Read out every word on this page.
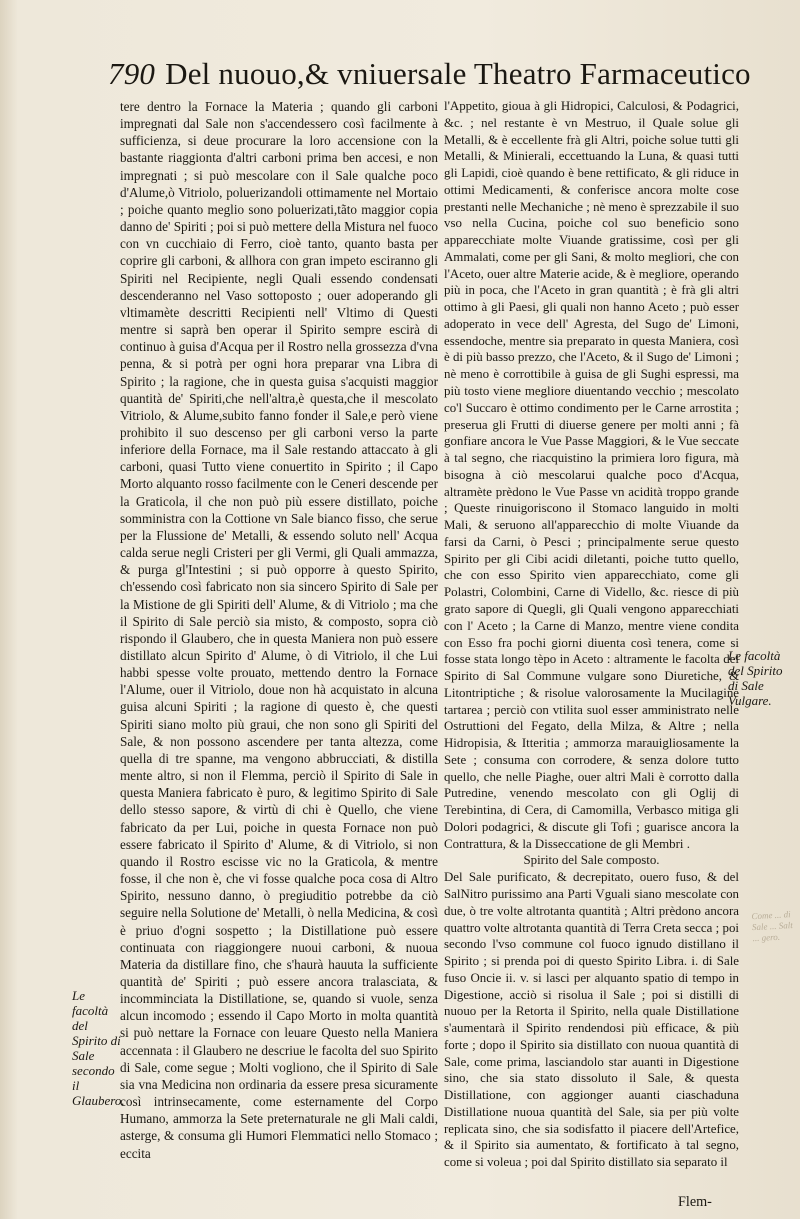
790 Del nuouo,& vniuersale Theatro Farmaceutico

tere dentro la Fornace la Materia ; quando gli carboni impregnati dal Sale non s'accendessero così facilmente à sufficienza, si deue procurare la loro accensione con la bastante riaggionta d'altri carboni prima ben accesi, e non impregnati ; si può mescolare con il Sale qualche poco d'Alume,ò Vitriolo, poluerizandoli ottimamente nel Mortaio ; poiche quanto meglio sono poluerizati,tãto maggior copia danno de' Spiriti ; poi si può mettere della Mistura nel fuoco con vn cucchiaio di Ferro, cioè tanto, quanto basta per coprire gli carboni, & allhora con gran impeto esciranno gli Spiriti nel Recipiente, negli Quali essendo condensati descenderanno nel Vaso sottoposto ; ouer adoperando gli vltimamète descritti Recipienti nell' Vltimo di Questi mentre si saprà ben operar il Spirito sempre escirà di continuo à guisa d'Acqua per il Rostro nella grossezza d'vna penna, & si potrà per ogni hora preparar vna Libra di Spirito ; la ragione, che in questa guisa s'acquisti maggior quantità de' Spiriti,che nell'altra,è questa,che il mescolato Vitriolo, & Alume,subito fanno fonder il Sale,e però viene prohibito il suo descenso per gli carboni verso la parte inferiore della Fornace, ma il Sale restando attaccato à gli carboni, quasi Tutto viene conuertito in Spirito ; il Capo Morto alquanto rosso facilmente con le Ceneri descende per la Graticola, il che non può più essere distillato, poiche somministra con la Cottione vn Sale bianco fisso, che serue per la Flussione de' Metalli, & essendo soluto nell' Acqua calda serue negli Cristeri per gli Vermi, gli Quali ammazza, & purga gl'Intestini ; si può opporre à questo Spirito, ch'essendo così fabricato non sia sincero Spirito di Sale per la Mistione de gli Spiriti dell' Alume, & di Vitriolo ; ma che il Spirito di Sale perciò sia misto, & composto, sopra ciò rispondo il Glaubero, che in questa Maniera non può essere distillato alcun Spirito d' Alume, ò di Vitriolo, il che Lui habbi spesse volte prouato, mettendo dentro la Fornace l'Alume, ouer il Vitriolo, doue non hà acquistato in alcuna guisa alcuni Spiriti ; la ragione di questo è, che questi Spiriti siano molto più graui, che non sono gli Spiriti del Sale, & non possono ascendere per tanta altezza, come quella di tre spanne, ma vengono abbrucciati, & distilla mente altro, si non il Flemma, perciò il Spirito di Sale in questa Maniera fabricato è puro, & legitimo Spirito di Sale dello stesso sapore, & virtù di chi è Quello, che viene fabricato da per Lui, poiche in questa Fornace non può essere fabricato il Spirito d' Alume, & di Vitriolo, si non quando il Rostro escisse vic no la Graticola, & mentre fosse, il che non è, che vi fosse qualche poca cosa di Altro Spirito, nessuno danno, ò pregiuditio potrebbe da ciò seguire nella Solutione de' Metalli, ò nella Medicina, & così è priuo d'ogni sospetto ; la Distillatione può essere continuata con riaggiongere nuoui carboni, & nuoua Materia da distillare fino, che s'haurà hauuta la sufficiente quantità de' Spiriti ; può essere ancora tralasciata, & incomminciata la Distillatione, se, quando si vuole, senza alcun incomodo ; essendo il Capo Morto in molta quantità si può nettare la Fornace con leuare Questo nella Maniera accennata : il Glaubero ne descriue le facolta del suo Spirito di Sale, come segue ; Molti vogliono, che il Spirito di Sale sia vna Medicina non ordinaria da essere presa sicuramente così intrinsecamente, come esternamente del Corpo Humano, ammorza la Sete preternaturale ne gli Mali caldi, asterge, & consuma gli Humori Flemmatici nello Stomaco ; eccita

l'Appetito, gioua à gli Hidropici, Calculosi, & Podagrici, &c. ; nel restante è vn Mestruo, il Quale solue gli Metalli, & è eccellente frà gli Altri, poiche solue tutti gli Metalli, & Minierali, eccettuando la Luna, & quasi tutti gli Lapidi, cioè quando è bene rettificato, & gli riduce in ottimi Medicamenti, & conferisce ancora molte cose prestanti nelle Mechaniche ; nè meno è sprezzabile il suo vso nella Cucina, poiche col suo beneficio sono apparecchiate molte Viuande gratissime, così per gli Ammalati, come per gli Sani, & molto megliori, che con l'Aceto, ouer altre Materie acide, & è megliore, operando più in poca, che l'Aceto in gran quantità ; è frà gli altri ottimo à gli Paesi, gli quali non hanno Aceto ; può esser adoperato in vece dell' Agresta, del Sugo de' Limoni, essendoche, mentre sia preparato in questa Maniera, così è di più basso prezzo, che l'Aceto, & il Sugo de' Limoni ; nè meno è corrottibile à guisa de gli Sughi espressi, ma più tosto viene megliore diuentando vecchio ; mescolato co'l Succaro è ottimo condimento per le Carne arrostita ; preserua gli Frutti di diuerse genere per molti anni ; fà gonfiare ancora le Vue Passe Maggiori, & le Vue seccate à tal segno, che riacquistino la primiera loro figura, mà bisogna à ciò mescolarui qualche poco d'Acqua, altramète prèdono le Vue Passe vn acidità troppo grande ; Queste rinuigoriscono il Stomaco languido in molti Mali, & seruono all'apparecchio di molte Viuande da farsi da Carni, ò Pesci ; principalmente serue questo Spirito per gli Cibi acidi diletanti, poiche tutto quello, che con esso Spirito vien apparecchiato, come gli Polastri, Colombini, Carne di Vidello, &c. riesce di più grato sapore di Quegli, gli Quali vengono apparecchiati con l' Aceto ; la Carne di Manzo, mentre viene condita con Esso fra pochi giorni diuenta così tenera, come si fosse stata longo tèpo in Aceto : altramente le facolta del Spirito di Sal Commune vulgare sono Diuretiche, & Litontriptiche ; & risolue valorosamente la Mucilagine tartarea ; perciò con vtilita suol esser amministrato nelle Ostruttioni del Fegato, della Milza, & Altre ; nella Hidropisia, & Itteritia ; ammorza marauigliosamente la Sete ; consuma con corrodere, & senza dolore tutto quello, che nelle Piaghe, ouer altri Mali è corrotto dalla Putredine, venendo mescolato con gli Oglij di Terebintina, di Cera, di Camomilla, Verbasco mitiga gli Dolori podagrici, & discute gli Tofi ; guarisce ancora la Contrattura, & la Disseccatione de gli Membri .

Spirito del Sale composto.

Del Sale purificato, & decrepitato, ouero fuso, & del SalNitro purissimo ana Parti Vguali siano mescolate con due, ò tre volte altrotanta quantità ; Altri prèdono ancora quattro volte altrotanta quantità di Terra Creta secca ; poi secondo l'vso commune col fuoco ignudo distillano il Spirito ; si prenda poi di questo Spirito Libra. i. di Sale fuso Oncie ii. v. si lasci per alquanto spatio di tempo in Digestione, acciò si risolua il Sale ; poi si distilli di nuouo per la Retorta il Spirito, nella quale Distillatione s'aumentarà il Spirito rendendosi più efficace, & più forte ; dopo il Spirito sia distillato con nuoua quantità di Sale, come prima, lasciandolo star auanti in Digestione sino, che sia stato dissoluto il Sale, & questa Distillatione, con aggionger auanti ciaschaduna Distillatione nuoua quantità del Sale, sia per più volte replicata sino, che sia sodisfatto il piacere dell'Artefice, & il Spirito sia aumentato, & fortificato à tal segno, come si voleua ; poi dal Spirito distillato sia separato il

Le facoltà del Spirito di Sale secondo il Glaubero.
Le facoltà del Spirito di Sale Vulgare.
Come ... di Sale ... Salt ... gero.
Flem-
